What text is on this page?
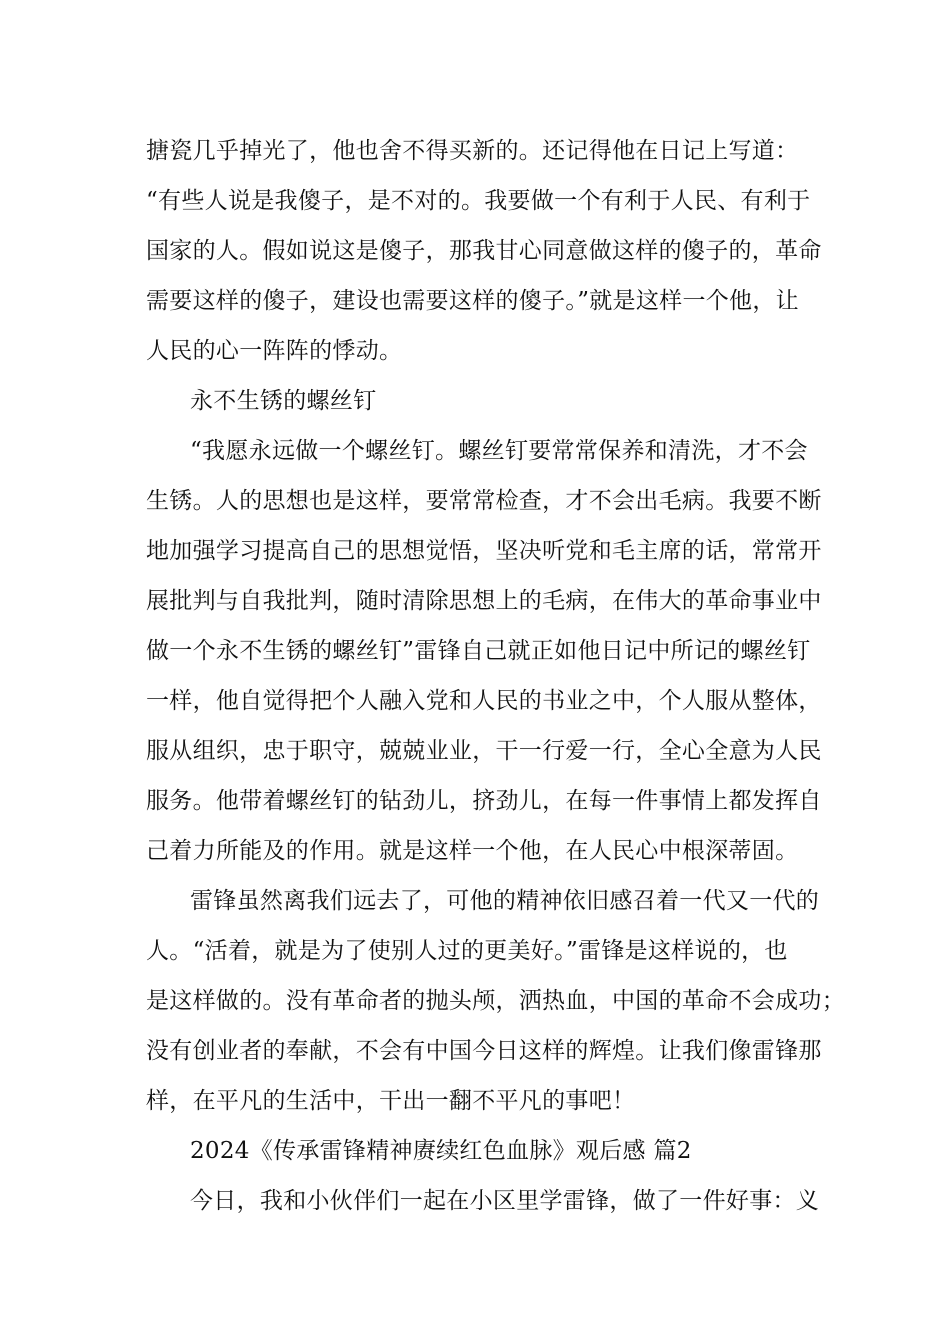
搪瓷几乎掉光了，他也舍不得买新的。还记得他在日记上写道：
“有些人说是我傻子，是不对的。我要做一个有利于人民、有利于
国家的人。假如说这是傻子，那我甘心同意做这样的傻子的，革命
需要这样的傻子，建设也需要这样的傻子。”就是这样一个他，让
人民的心一阵阵的悸动。
永不生锈的螺丝钉
“我愿永远做一个螺丝钉。螺丝钉要常常保养和清洗，才不会
生锈。人的思想也是这样，要常常检查，才不会出毛病。我要不断
地加强学习提高自己的思想觉悟，坚决听党和毛主席的话，常常开
展批判与自我批判，随时清除思想上的毛病，在伟大的革命事业中
做一个永不生锈的螺丝钉”雷锋自己就正如他日记中所记的螺丝钉
一样，他自觉得把个人融入党和人民的书业之中，个人服从整体，
服从组织，忠于职守，兢兢业业，干一行爱一行，全心全意为人民
服务。他带着螺丝钉的钻劲儿，挤劲儿，在每一件事情上都发挥自
己着力所能及的作用。就是这样一个他，在人民心中根深蒂固。
雷锋虽然离我们远去了，可他的精神依旧感召着一代又一代的
人。“活着，就是为了使别人过的更美好。”雷锋是这样说的，也
是这样做的。没有革命者的抛头颅，洒热血，中国的革命不会成功；
没有创业者的奉献，不会有中国今日这样的辉煌。让我们像雷锋那
样，在平凡的生活中，干出一翻不平凡的事吧！
2024《传承雷锋精神赓续红色血脉》观后感 篇2
今日，我和小伙伴们一起在小区里学雷锋，做了一件好事：义
